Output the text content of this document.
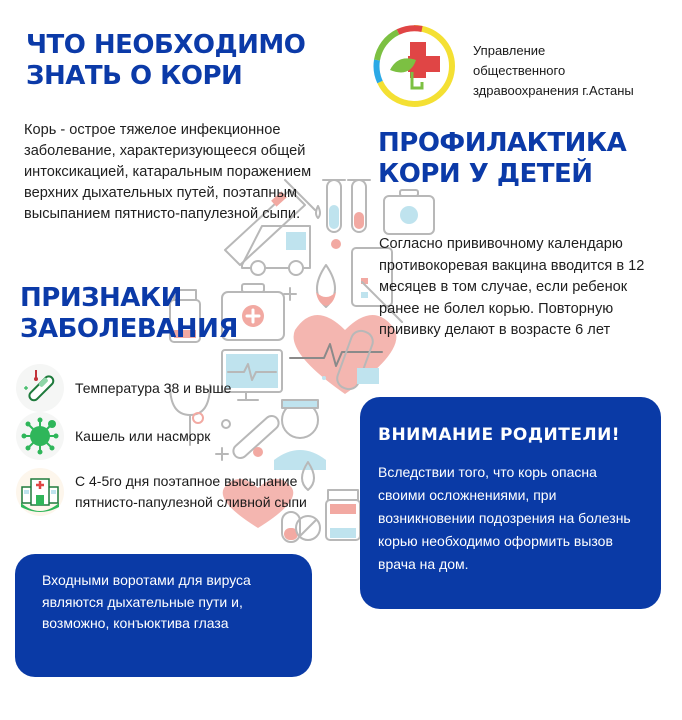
ЧТО НЕОБХОДИМО
ЗНАТЬ О КОРИ
Управление
общественного
здравоохранения г.Астаны

Корь - острое тяжелое инфекционное заболевание, характеризующееся общей интоксикацией, катаральным поражением верхних дыхательных путей, поэтапным высыпанием пятнисто-папулезной сыпи.

ПРОФИЛАКТИКА
КОРИ У ДЕТЕЙ

Согласно прививочному календарю противокоревая вакцина вводится в 12 месяцев в том случае, если ребенок ранее не болел корью. Повторную прививку делают в возрасте 6 лет

ПРИЗНАКИ
ЗАБОЛЕВАНИЯ
Температура 38 и выше
Кашель или насморк
С 4-5го дня поэтапное высыпание пятнисто-папулезной сливной сыпи

Входными воротами для вируса являются дыхательные пути и, возможно, конъюктива глаза

ВНИМАНИЕ РОДИТЕЛИ!

Вследствии того, что корь опасна своими осложнениями, при возникновении подозрения на болезнь корью необходимо оформить вызов врача на дом.
